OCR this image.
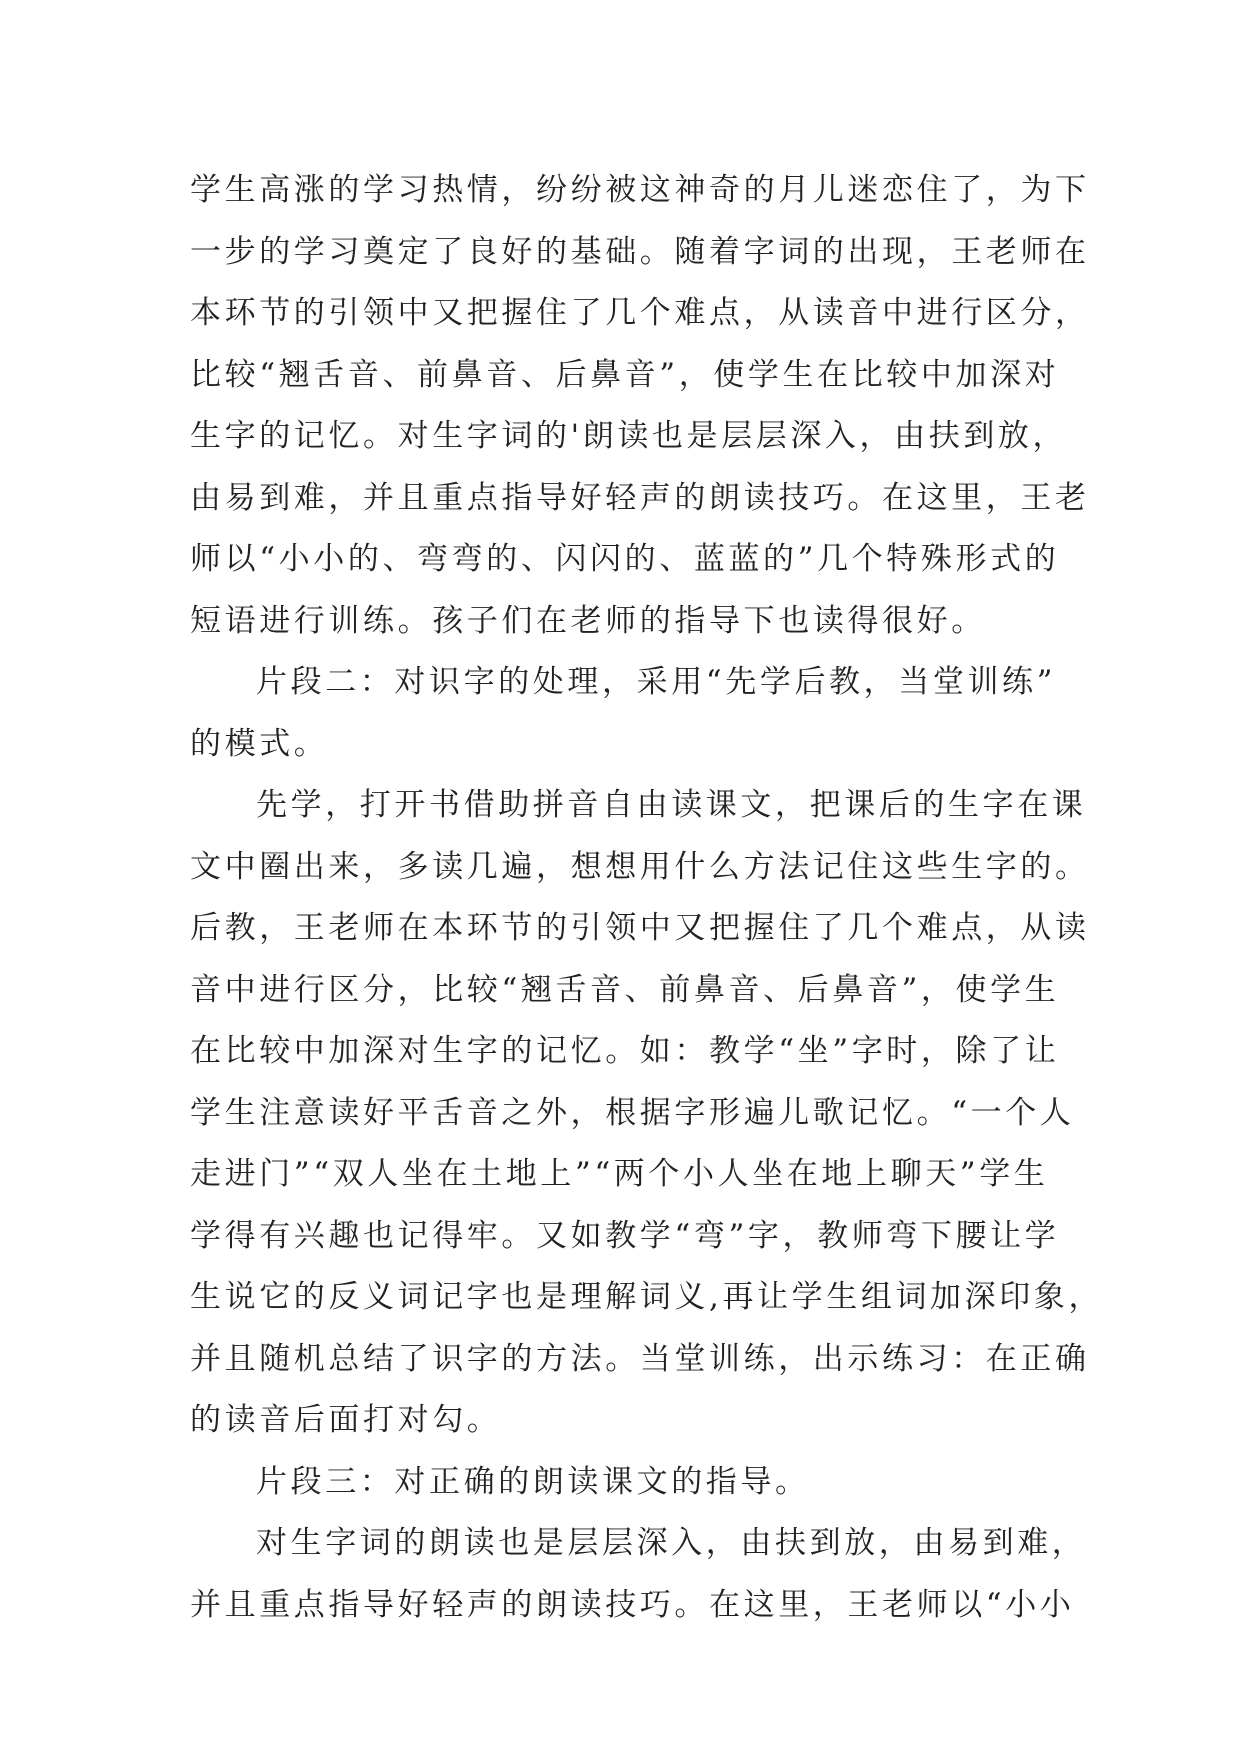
学生高涨的学习热情，纷纷被这神奇的月儿迷恋住了，为下
一步的学习奠定了良好的基础。随着字词的出现，王老师在
本环节的引领中又把握住了几个难点，从读音中进行区分，
比较“翘舌音、前鼻音、后鼻音”，使学生在比较中加深对
生字的记忆。对生字词的'朗读也是层层深入，由扶到放，
由易到难，并且重点指导好轻声的朗读技巧。在这里，王老
师以“小小的、弯弯的、闪闪的、蓝蓝的”几个特殊形式的
短语进行训练。孩子们在老师的指导下也读得很好。
片段二：对识字的处理，采用“先学后教，当堂训练”
的模式。
先学，打开书借助拼音自由读课文，把课后的生字在课
文中圈出来，多读几遍，想想用什么方法记住这些生字的。
后教，王老师在本环节的引领中又把握住了几个难点，从读
音中进行区分，比较“翘舌音、前鼻音、后鼻音”，使学生
在比较中加深对生字的记忆。如：教学“坐”字时，除了让
学生注意读好平舌音之外，根据字形遍儿歌记忆。“一个人
走进门”“双人坐在土地上”“两个小人坐在地上聊天”学生
学得有兴趣也记得牢。又如教学“弯”字，教师弯下腰让学
生说它的反义词记字也是理解词义,再让学生组词加深印象，
并且随机总结了识字的方法。当堂训练，出示练习：在正确
的读音后面打对勾。
片段三：对正确的朗读课文的指导。
对生字词的朗读也是层层深入，由扶到放，由易到难，
并且重点指导好轻声的朗读技巧。在这里，王老师以“小小
